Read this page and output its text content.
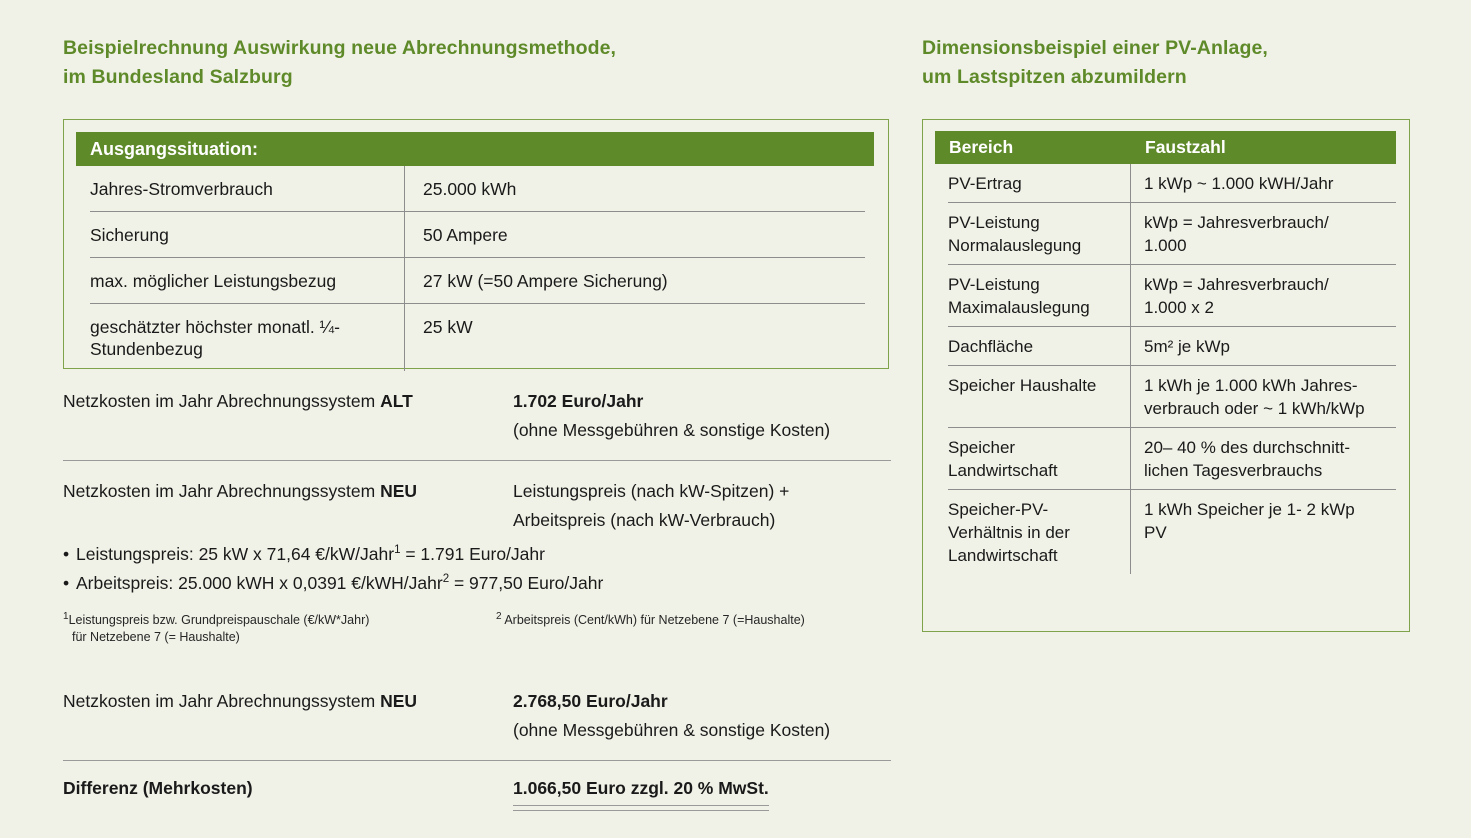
Beispielrechnung Auswirkung neue Abrechnungsmethode,
im Bundesland Salzburg
Dimensionsbeispiel einer PV-Anlage,
um Lastspitzen abzumildern
Ausgangssituation:
Jahres-Stromverbrauch	25.000 kWh
Sicherung	50 Ampere
max. möglicher Leistungsbezug	27 kW (=50 Ampere Sicherung)
geschätzter höchster monatl. ¼-Stundenbezug	25 kW
Bereich	Faustzahl
PV-Ertrag	1 kWp ~ 1.000 kWH/Jahr
PV-Leistung
Normalauslegung	kWp = Jahresverbrauch/
1.000
PV-Leistung
Maximalauslegung	kWp = Jahresverbrauch/
1.000 x 2
Dachfläche	5m² je kWp
Speicher Haushalte	1 kWh je 1.000 kWh Jahres-
verbrauch oder ~ 1 kWh/kWp
Speicher
Landwirtschaft	20– 40 % des durchschnitt-
lichen Tagesverbrauchs
Speicher-PV-
Verhältnis in der
Landwirtschaft	1 kWh Speicher je 1- 2 kWp
PV
Netzkosten im Jahr Abrechnungssystem ALT	1.702 Euro/Jahr
(ohne Messgebühren & sonstige Kosten)
Netzkosten im Jahr Abrechnungssystem NEU	Leistungspreis (nach kW-Spitzen) +
Arbeitspreis (nach kW-Verbrauch)
• Leistungspreis: 25 kW x 71,64 €/kW/Jahr$^1$ = 1.791 Euro/Jahr
• Arbeitspreis: 25.000 kWH x 0,0391 €/kWH/Jahr$^2$ = 977,50 Euro/Jahr
$^1$Leistungspreis bzw. Grundpreispauschale (€/kW*Jahr)
für Netzebene 7 (= Haushalte)
$^2$ Arbeitspreis (Cent/kWh) für Netzebene 7 (=Haushalte)
Netzkosten im Jahr Abrechnungssystem NEU	2.768,50 Euro/Jahr
(ohne Messgebühren & sonstige Kosten)
Differenz (Mehrkosten)	1.066,50 Euro zzgl. 20 % MwSt.
